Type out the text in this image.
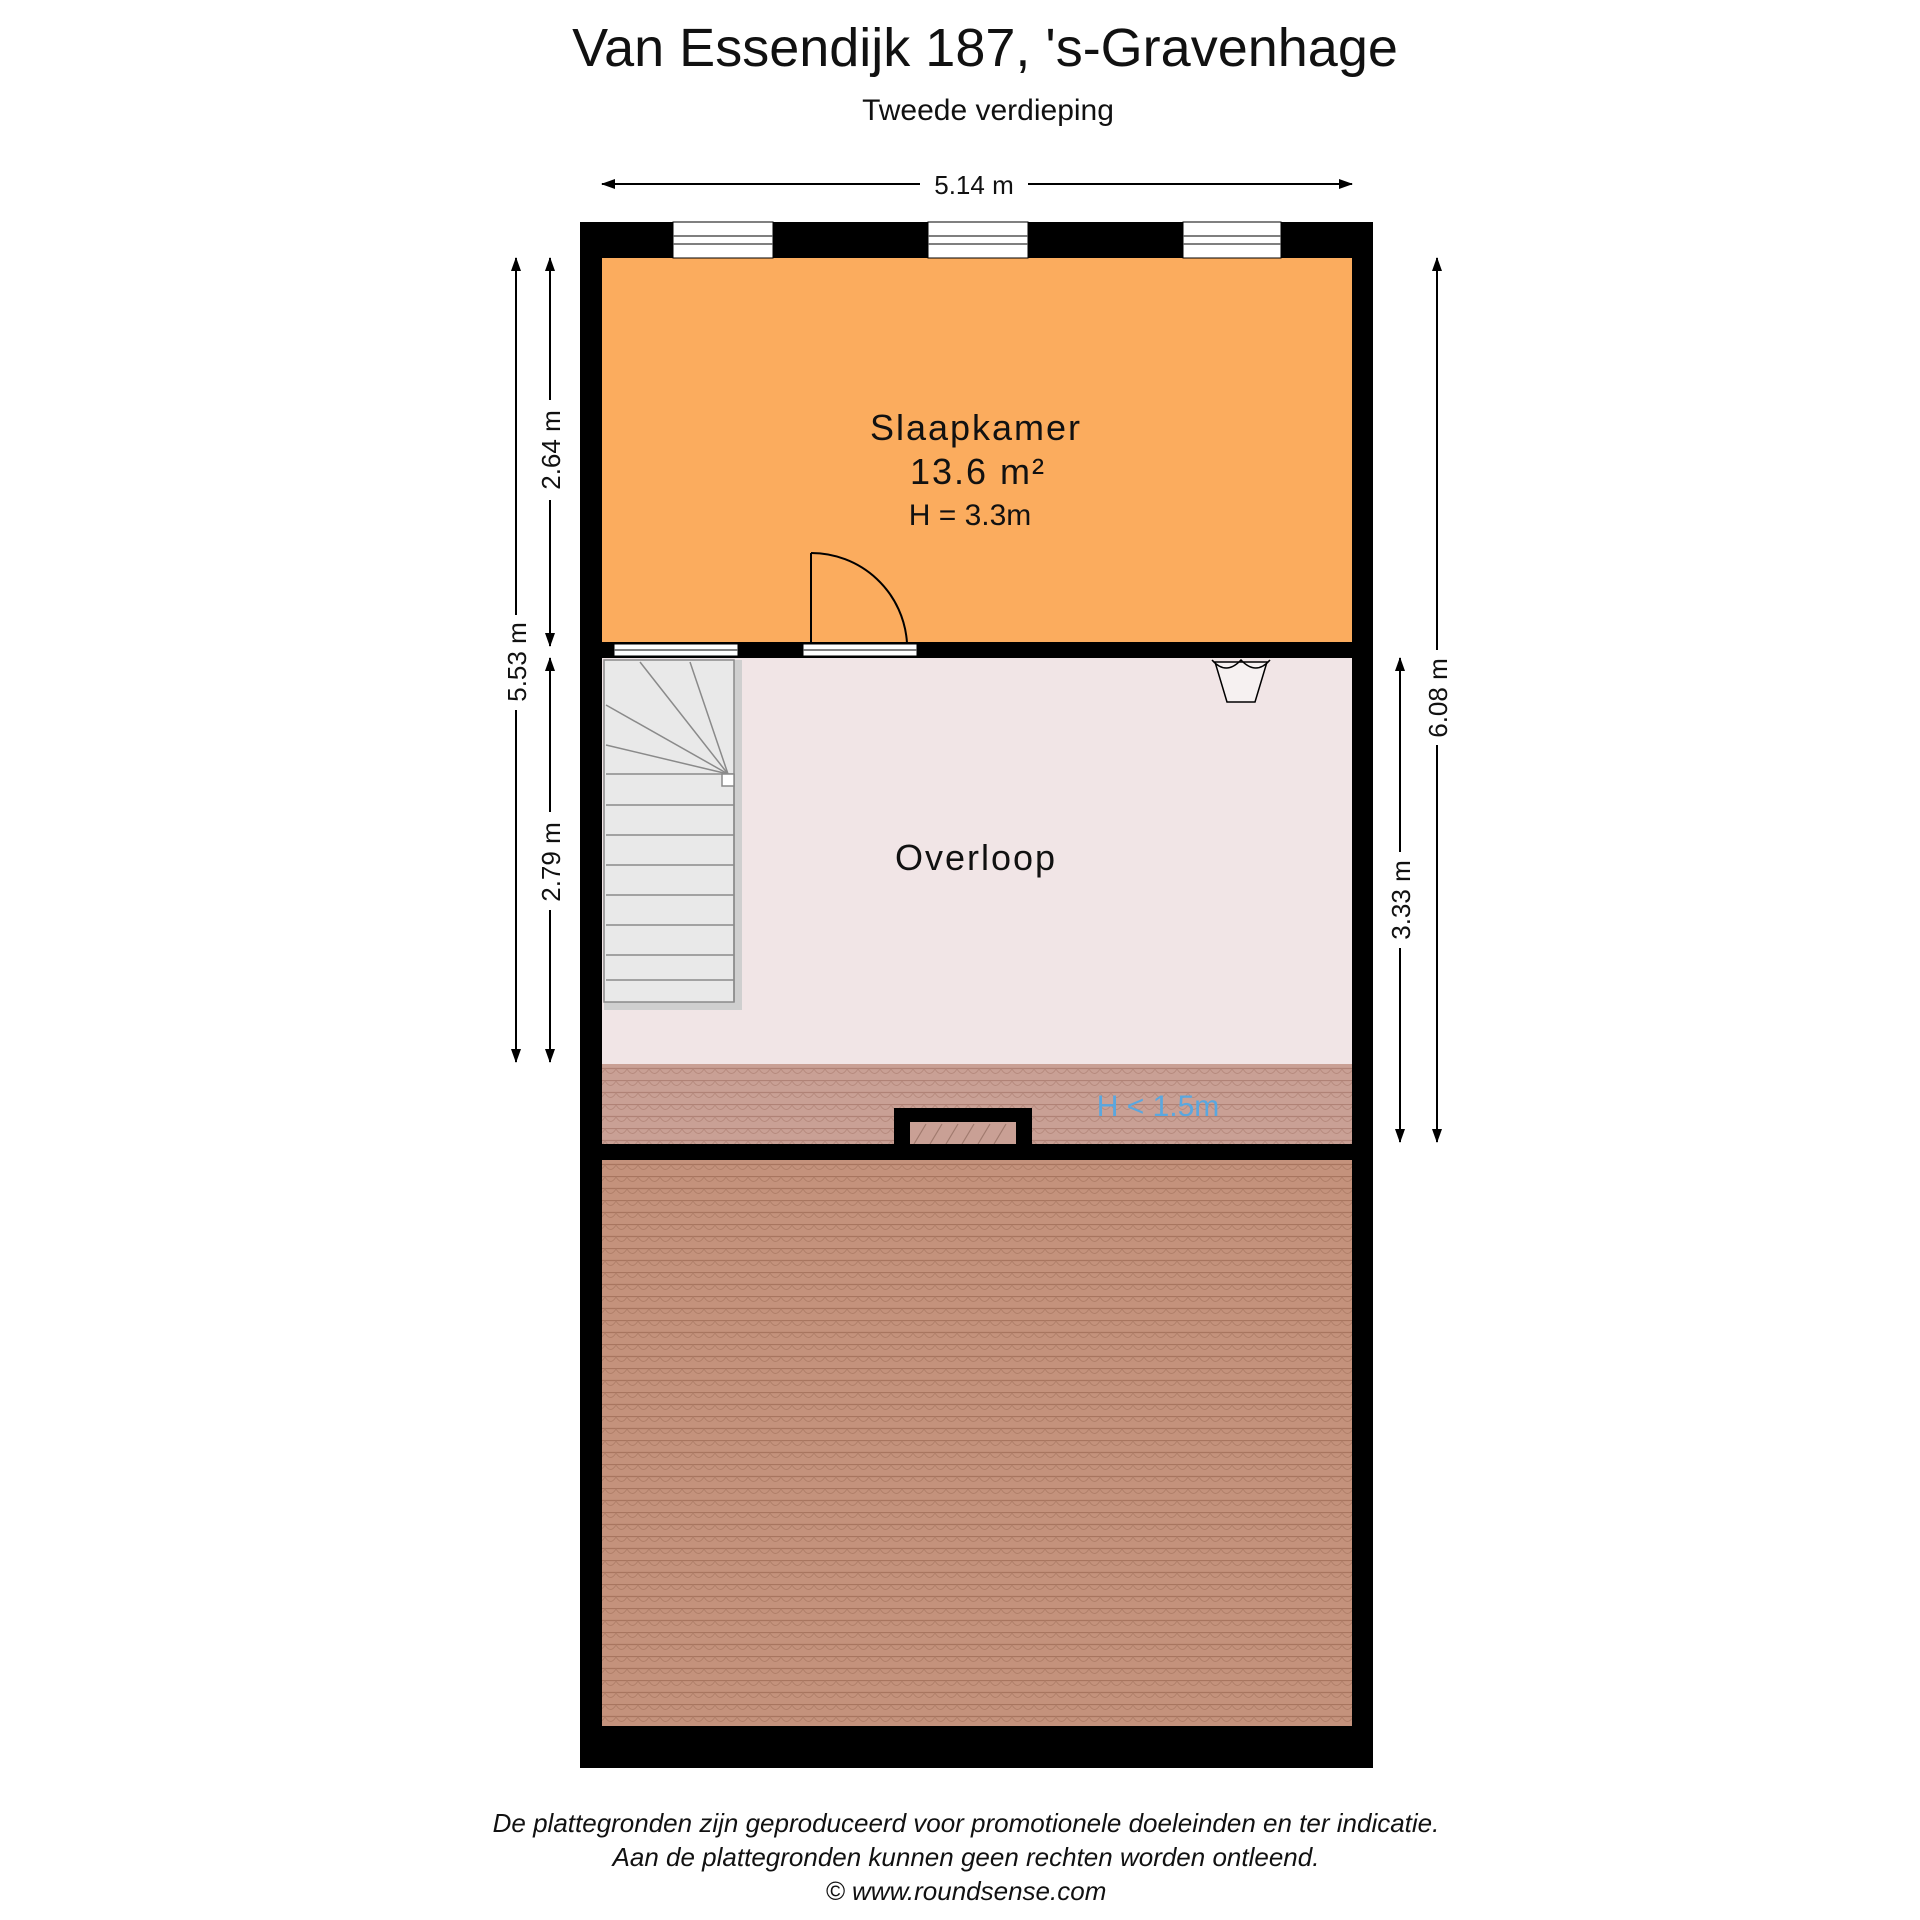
Van Essendijk 187, 's-Gravenhage
Tweede verdieping
5.14 m
5.53 m
2.64 m
2.79 m
6.08 m
3.33 m
Slaapkamer
13.6 m²
H = 3.3m
Overloop
H < 1.5m
De plattegronden zijn geproduceerd voor promotionele doeleinden en ter indicatie.
Aan de plattegronden kunnen geen rechten worden ontleend.
© www.roundsense.com
